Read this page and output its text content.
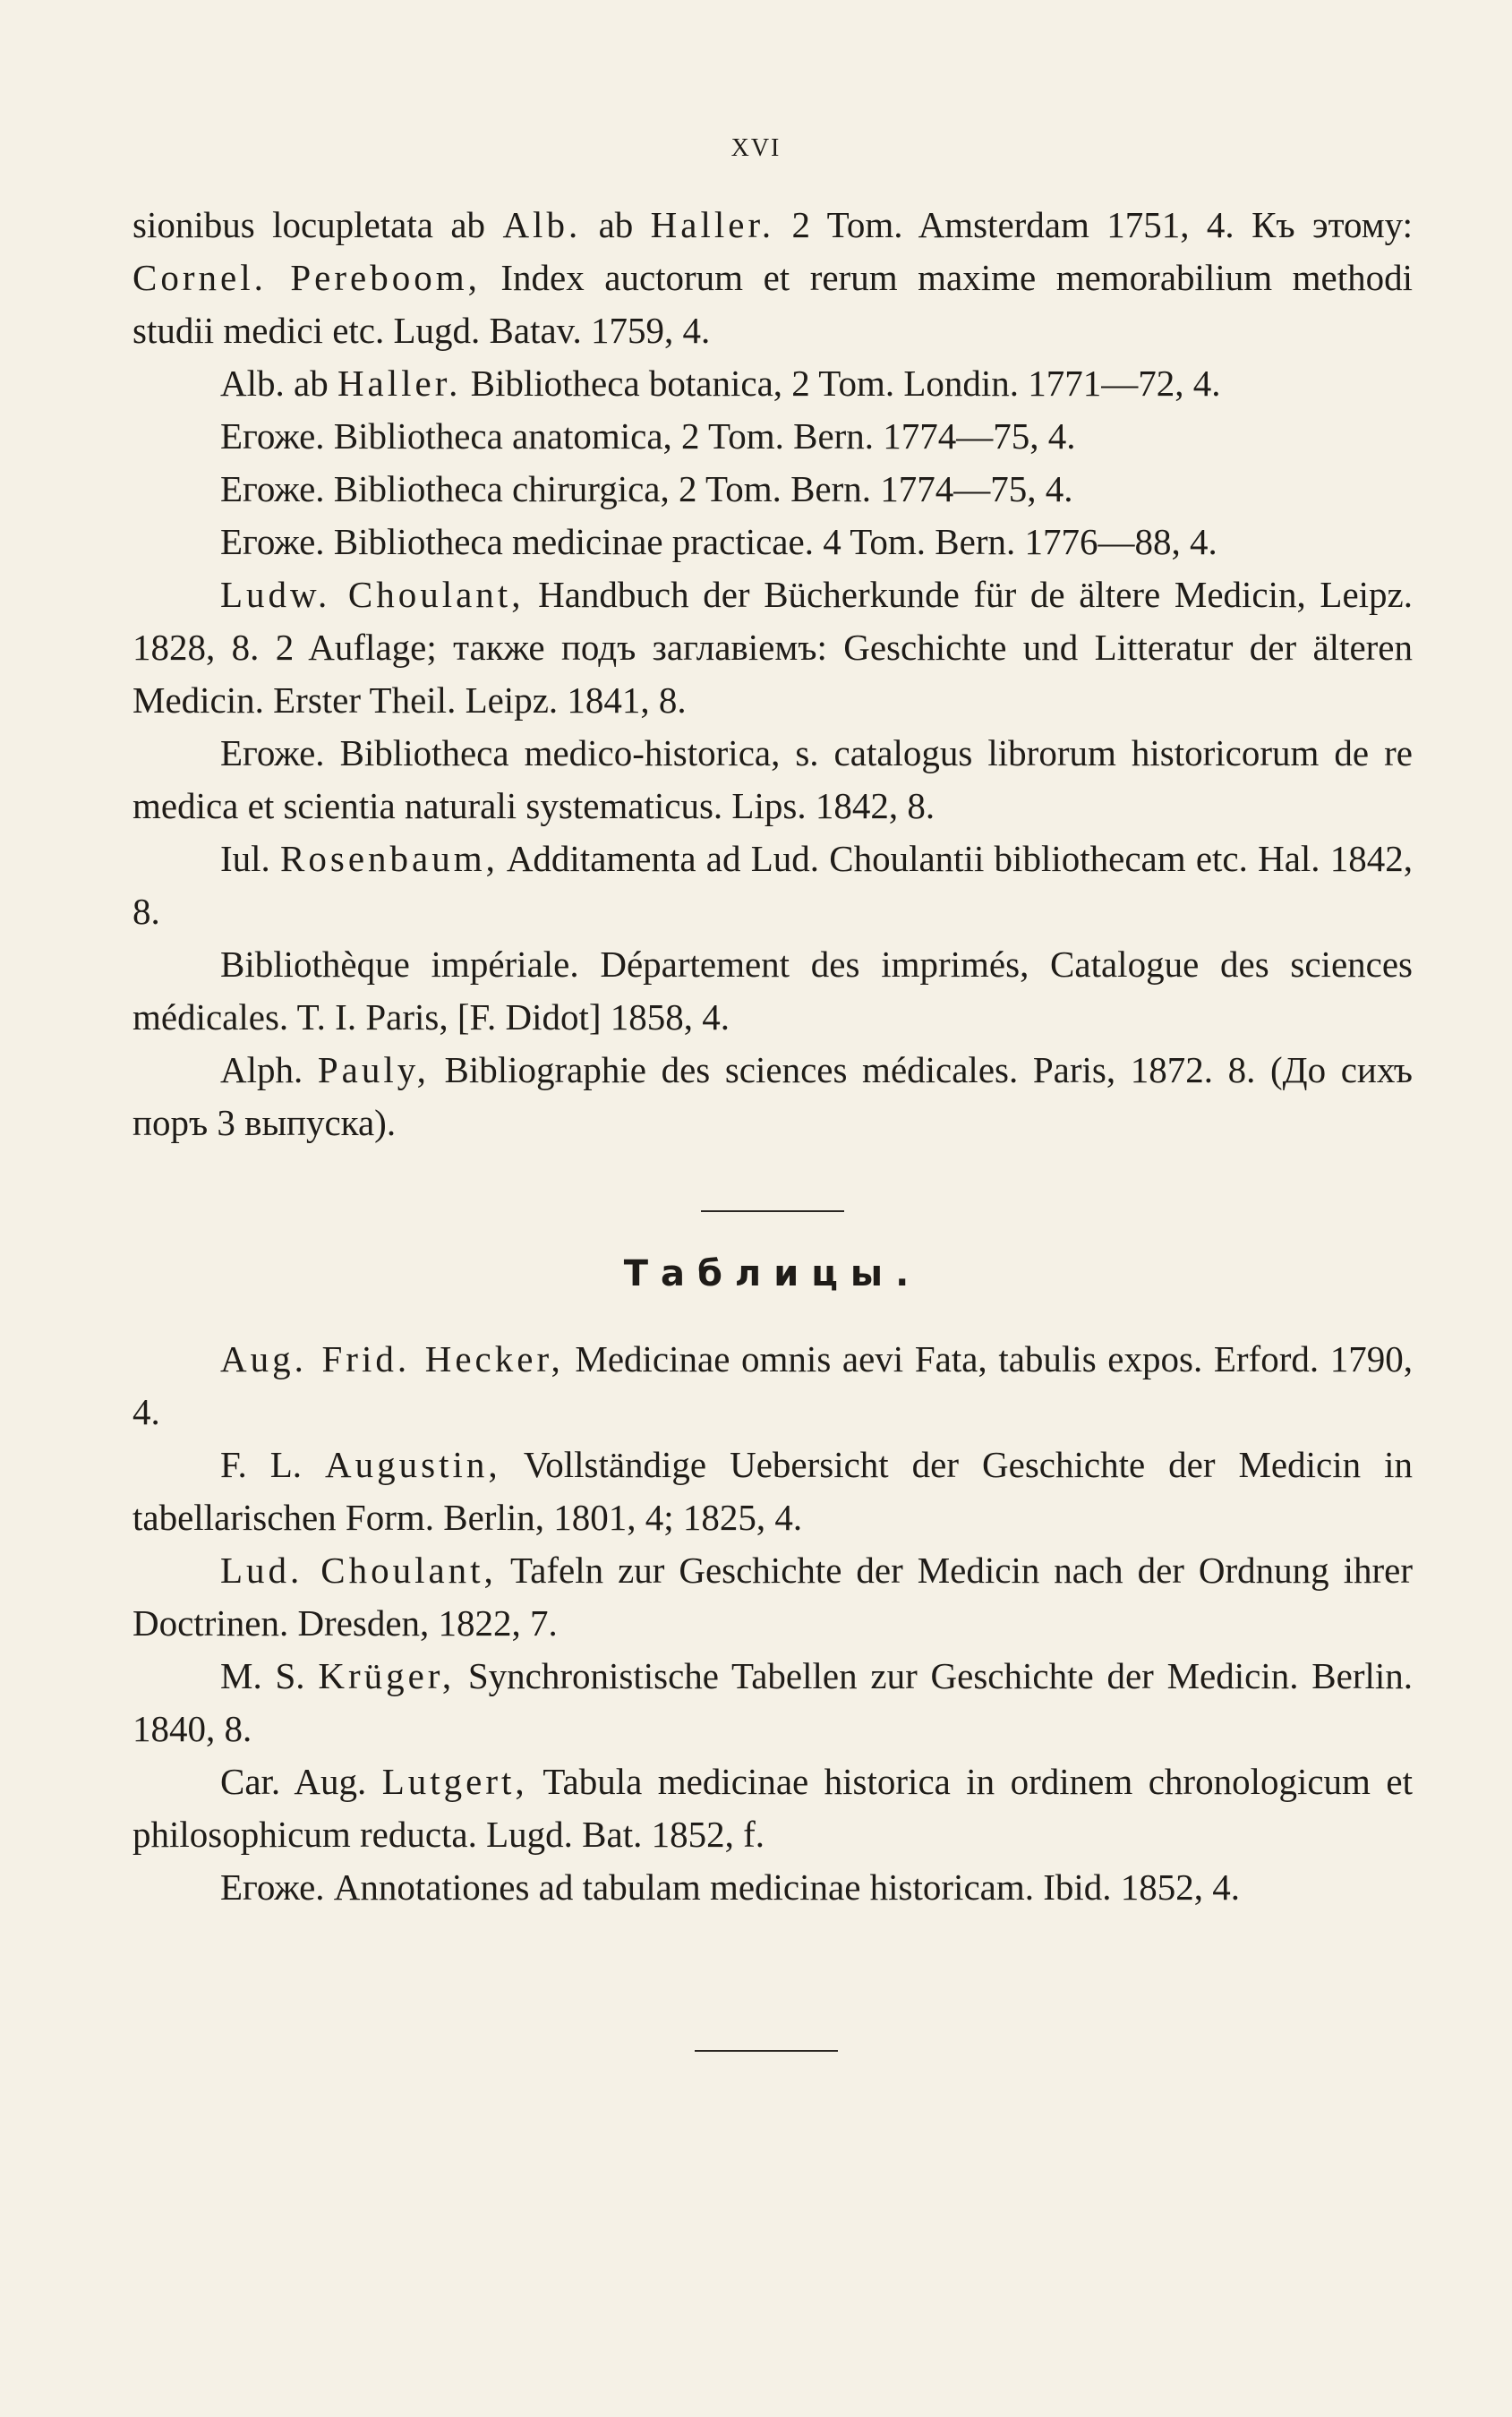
XVI

sionibus locupletata ab Alb. ab Haller. 2 Tom. Amsterdam 1751, 4. Къ этому: Cornel. Pereboom, Index auctorum et rerum maxime memorabilium methodi studii medici etc. Lugd. Batav. 1759, 4.

Alb. ab Haller. Bibliotheca botanica, 2 Tom. Londin. 1771—72, 4.

Егоже. Bibliotheca anatomica, 2 Tom. Bern. 1774—75, 4.

Егоже. Bibliotheca chirurgica, 2 Tom. Bern. 1774—75, 4.

Егоже. Bibliotheca medicinae practicae. 4 Tom. Bern. 1776—88, 4.

Ludw. Choulant, Handbuch der Bücherkunde für de ältere Medicin, Leipz. 1828, 8. 2 Auflage; также подъ заглавіемъ: Geschichte und Litteratur der älteren Medicin. Erster Theil. Leipz. 1841, 8.

Егоже. Bibliotheca medico-historica, s. catalogus librorum historicorum de re medica et scientia naturali systematicus. Lips. 1842, 8.

Iul. Rosenbaum, Additamenta ad Lud. Choulantii bibliothecam etc. Hal. 1842, 8.

Bibliothèque impériale. Département des imprimés, Catalogue des sciences médicales. T. I. Paris, [F. Didot] 1858, 4.

Alph. Pauly, Bibliographie des sciences médicales. Paris, 1872. 8. (До сихъ поръ 3 выпуска).

Таблицы.

Aug. Frid. Hecker, Medicinae omnis aevi Fata, tabulis expos. Erford. 1790, 4.

F. L. Augustin, Vollständige Uebersicht der Geschichte der Medicin in tabellarischen Form. Berlin, 1801, 4; 1825, 4.

Lud. Choulant, Tafeln zur Geschichte der Medicin nach der Ordnung ihrer Doctrinen. Dresden, 1822, 7.

M. S. Krüger, Synchronistische Tabellen zur Geschichte der Medicin. Berlin. 1840, 8.

Car. Aug. Lutgert, Tabula medicinae historica in ordinem chronologicum et philosophicum reducta. Lugd. Bat. 1852, f.

Егоже. Annotationes ad tabulam medicinae historicam. Ibid. 1852, 4.
